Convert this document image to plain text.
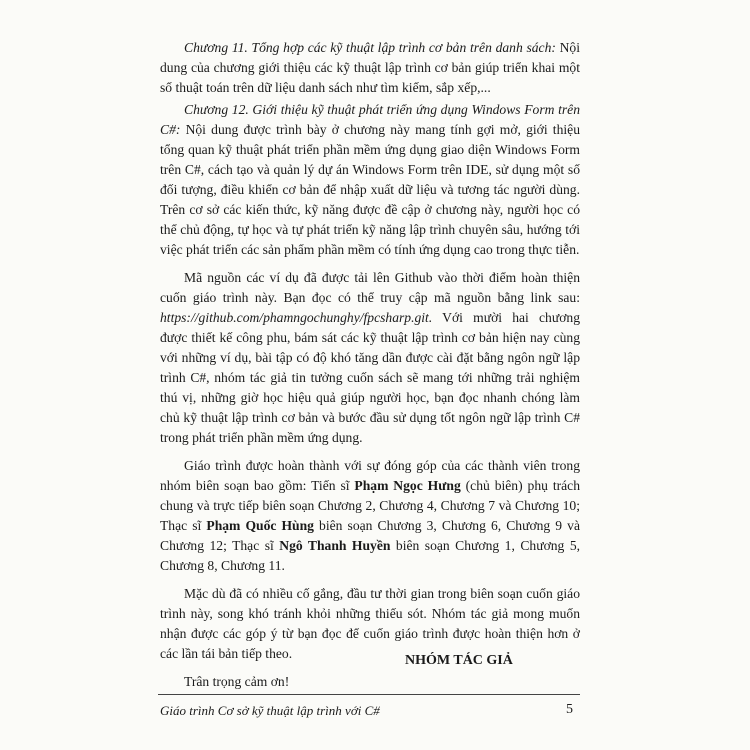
Chương 11. Tổng hợp các kỹ thuật lập trình cơ bản trên danh sách: Nội dung của chương giới thiệu các kỹ thuật lập trình cơ bản giúp triển khai một số thuật toán trên dữ liệu danh sách như tìm kiếm, sắp xếp,...

Chương 12. Giới thiệu kỹ thuật phát triển ứng dụng Windows Form trên C#: Nội dung được trình bày ở chương này mang tính gợi mở, giới thiệu tổng quan kỹ thuật phát triển phần mềm ứng dụng giao diện Windows Form trên C#, cách tạo và quản lý dự án Windows Form trên IDE, sử dụng một số đối tượng, điều khiển cơ bản để nhập xuất dữ liệu và tương tác người dùng. Trên cơ sở các kiến thức, kỹ năng được đề cập ở chương này, người học có thể chủ động, tự học và tự phát triển kỹ năng lập trình chuyên sâu, hướng tới việc phát triển các sản phẩm phần mềm có tính ứng dụng cao trong thực tiễn.

Mã nguồn các ví dụ đã được tải lên Github vào thời điểm hoàn thiện cuốn giáo trình này. Bạn đọc có thể truy cập mã nguồn bằng link sau: https://github.com/phamngochunghy/fpcsharp.git. Với mười hai chương được thiết kế công phu, bám sát các kỹ thuật lập trình cơ bản hiện nay cùng với những ví dụ, bài tập có độ khó tăng dần được cài đặt bằng ngôn ngữ lập trình C#, nhóm tác giả tin tưởng cuốn sách sẽ mang tới những trải nghiệm thú vị, những giờ học hiệu quả giúp người học, bạn đọc nhanh chóng làm chủ kỹ thuật lập trình cơ bản và bước đầu sử dụng tốt ngôn ngữ lập trình C# trong phát triển phần mềm ứng dụng.

Giáo trình được hoàn thành với sự đóng góp của các thành viên trong nhóm biên soạn bao gồm: Tiến sĩ Phạm Ngọc Hưng (chủ biên) phụ trách chung và trực tiếp biên soạn Chương 2, Chương 4, Chương 7 và Chương 10; Thạc sĩ Phạm Quốc Hùng biên soạn Chương 3, Chương 6, Chương 9 và Chương 12; Thạc sĩ Ngô Thanh Huyền biên soạn Chương 1, Chương 5, Chương 8, Chương 11.

Mặc dù đã có nhiều cố gắng, đầu tư thời gian trong biên soạn cuốn giáo trình này, song khó tránh khỏi những thiếu sót. Nhóm tác giả mong muốn nhận được các góp ý từ bạn đọc để cuốn giáo trình được hoàn thiện hơn ở các lần tái bản tiếp theo.

Trân trọng cảm ơn!

NHÓM TÁC GIẢ
Giáo trình Cơ sở kỹ thuật lập trình với C#	5
